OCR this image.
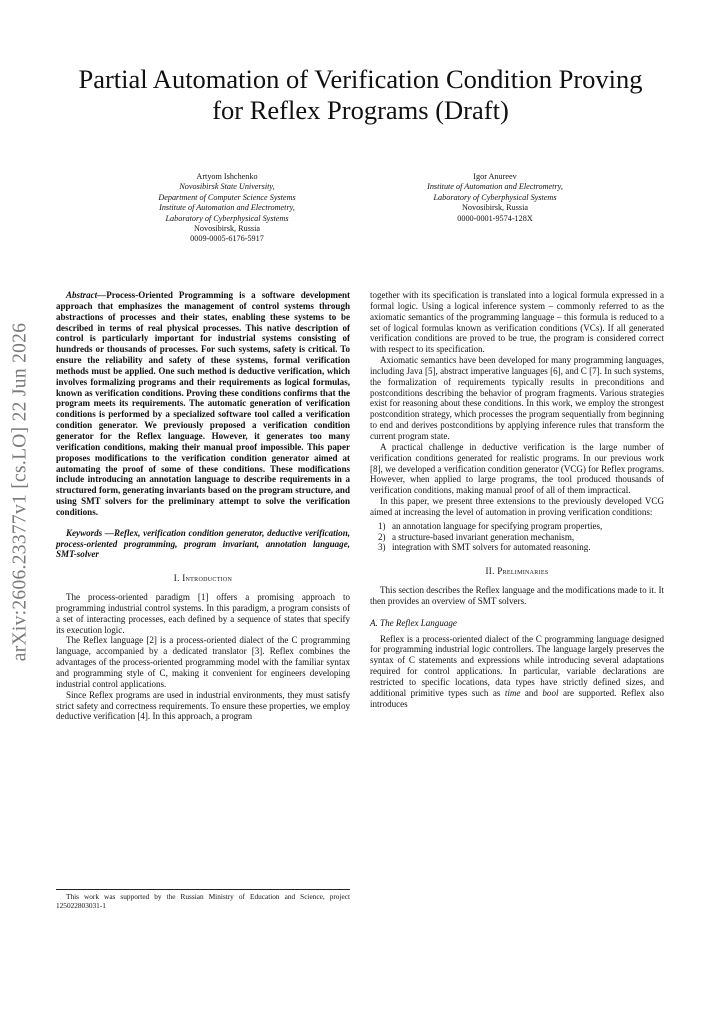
Partial Automation of Verification Condition Proving
for Reflex Programs (Draft)
Artyom Ishchenko
Novosibirsk State University,
Department of Computer Science Systems
Institute of Automation and Electrometry,
Laboratory of Cyberphysical Systems
Novosibirsk, Russia
0009-0005-6176-5917
Igor Anureev
Institute of Automation and Electrometry,
Laboratory of Cyberphysical Systems
Novosibirsk, Russia
0000-0001-9574-128X
arXiv:2606.23377v1 [cs.LO] 22 Jun 2026

Abstract—Process-Oriented Programming is a software development approach that emphasizes the management of control systems through abstractions of processes and their states, enabling these systems to be described in terms of real physical processes. This native description of control is particularly important for industrial systems consisting of hundreds or thousands of processes. For such systems, safety is critical. To ensure the reliability and safety of these systems, formal verification methods must be applied. One such method is deductive verification, which involves formalizing programs and their requirements as logical formulas, known as verification conditions. Proving these conditions confirms that the program meets its requirements. The automatic generation of verification conditions is performed by a specialized software tool called a verification condition generator. We previously proposed a verification condition generator for the Reflex language. However, it generates too many verification conditions, making their manual proof impossible. This paper proposes modifications to the verification condition generator aimed at automating the proof of some of these conditions. These modifications include introducing an annotation language to describe requirements in a structured form, generating invariants based on the program structure, and using SMT solvers for the preliminary attempt to solve the verification conditions.

Keywords —Reflex, verification condition generator, deductive verification, process-oriented programming, program invariant, annotation language, SMT-solver

I. Introduction

The process-oriented paradigm [1] offers a promising approach to programming industrial control systems. In this paradigm, a program consists of a set of interacting processes, each defined by a sequence of states that specify its execution logic.

The Reflex language [2] is a process-oriented dialect of the C programming language, accompanied by a dedicated translator [3]. Reflex combines the advantages of the process-oriented programming model with the familiar syntax and programming style of C, making it convenient for engineers developing industrial control applications.

Since Reflex programs are used in industrial environments, they must satisfy strict safety and correctness requirements. To ensure these properties, we employ deductive verification [4]. In this approach, a program

This work was supported by the Russian Ministry of Education and Science, project 125022803031-1

together with its specification is translated into a logical formula expressed in a formal logic. Using a logical inference system – commonly referred to as the axiomatic semantics of the programming language – this formula is reduced to a set of logical formulas known as verification conditions (VCs). If all generated verification conditions are proved to be true, the program is considered correct with respect to its specification.

Axiomatic semantics have been developed for many programming languages, including Java [5], abstract imperative languages [6], and C [7]. In such systems, the formalization of requirements typically results in preconditions and postconditions describing the behavior of program fragments. Various strategies exist for reasoning about these conditions. In this work, we employ the strongest postcondition strategy, which processes the program sequentially from beginning to end and derives postconditions by applying inference rules that transform the current program state.

A practical challenge in deductive verification is the large number of verification conditions generated for realistic programs. In our previous work [8], we developed a verification condition generator (VCG) for Reflex programs. However, when applied to large programs, the tool produced thousands of verification conditions, making manual proof of all of them impractical.

In this paper, we present three extensions to the previously developed VCG aimed at increasing the level of automation in proving verification conditions:

1) an annotation language for specifying program properties,
2) a structure-based invariant generation mechanism,
3) integration with SMT solvers for automated reasoning.
II. Preliminaries

This section describes the Reflex language and the modifications made to it. It then provides an overview of SMT solvers.

A. The Reflex Language

Reflex is a process-oriented dialect of the C programming language designed for programming industrial logic controllers. The language largely preserves the syntax of C statements and expressions while introducing several adaptations required for control applications. In particular, variable declarations are restricted to specific locations, data types have strictly defined sizes, and additional primitive types such as time and bool are supported. Reflex also introduces
